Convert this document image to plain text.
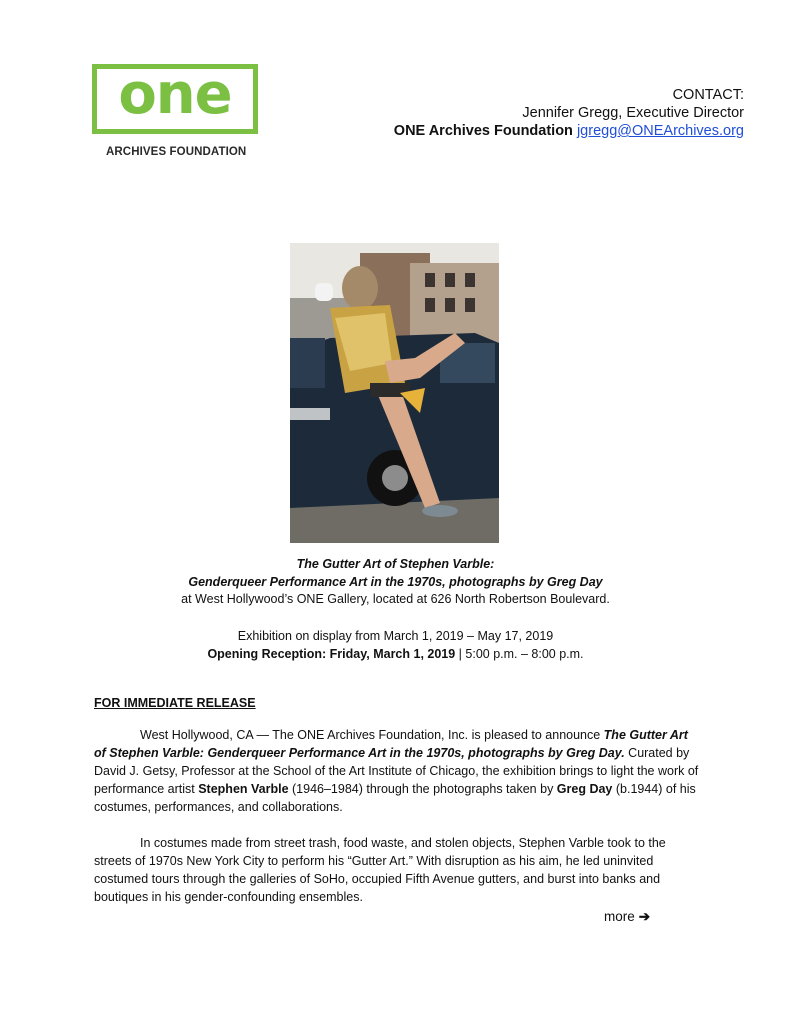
one
ARCHIVES FOUNDATION
CONTACT:
Jennifer Gregg, Executive Director
ONE Archives Foundation jgregg@ONEArchives.org
The Gutter Art of Stephen Varble:
Genderqueer Performance Art in the 1970s, photographs by Greg Day
at West Hollywood’s ONE Gallery, located at 626 North Robertson Boulevard.
Exhibition on display from March 1, 2019 – May 17, 2019
Opening Reception: Friday, March 1, 2019 | 5:00 p.m. – 8:00 p.m.
FOR IMMEDIATE RELEASE

West Hollywood, CA — The ONE Archives Foundation, Inc. is pleased to announce The Gutter Art of Stephen Varble: Genderqueer Performance Art in the 1970s, photographs by Greg Day. Curated by David J. Getsy, Professor at the School of the Art Institute of Chicago, the exhibition brings to light the work of performance artist Stephen Varble (1946–1984) through the photographs taken by Greg Day (b.1944) of his costumes, performances, and collaborations.

In costumes made from street trash, food waste, and stolen objects, Stephen Varble took to the streets of 1970s New York City to perform his “Gutter Art.” With disruption as his aim, he led uninvited costumed tours through the galleries of SoHo, occupied Fifth Avenue gutters, and burst into banks and boutiques in his gender-confounding ensembles.

more ➔
